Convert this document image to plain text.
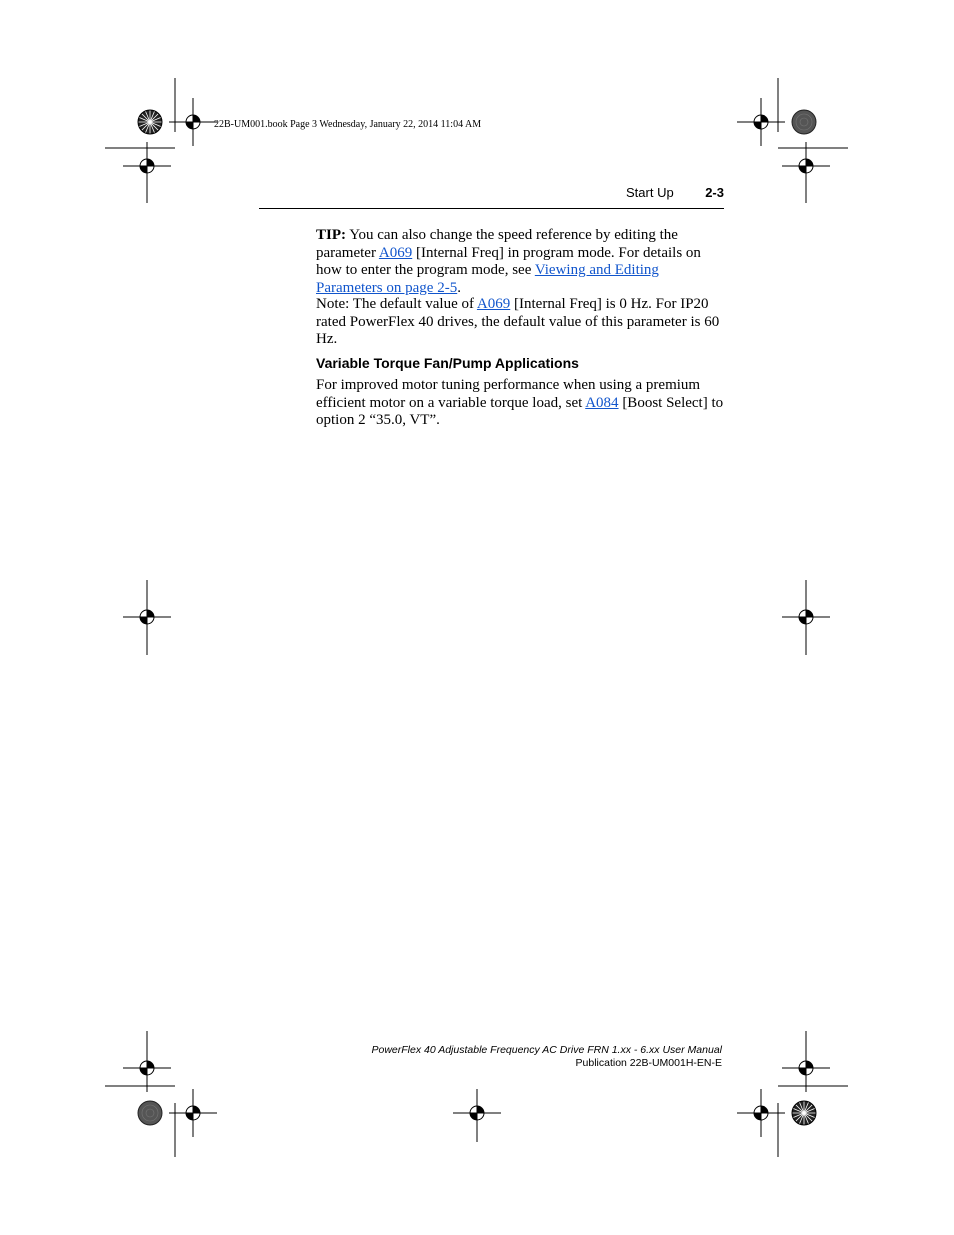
22B-UM001.book Page 3 Wednesday, January 22, 2014 11:04 AM
Start Up 2-3
TIP: You can also change the speed reference by editing the parameter A069 [Internal Freq] in program mode. For details on how to enter the program mode, see Viewing and Editing Parameters on page 2-5.
Note: The default value of A069 [Internal Freq] is 0 Hz. For IP20 rated PowerFlex 40 drives, the default value of this parameter is 60 Hz.
Variable Torque Fan/Pump Applications
For improved motor tuning performance when using a premium efficient motor on a variable torque load, set A084 [Boost Select] to option 2 “35.0, VT”.
PowerFlex 40 Adjustable Frequency AC Drive FRN 1.xx - 6.xx User Manual
Publication 22B-UM001H-EN-E
